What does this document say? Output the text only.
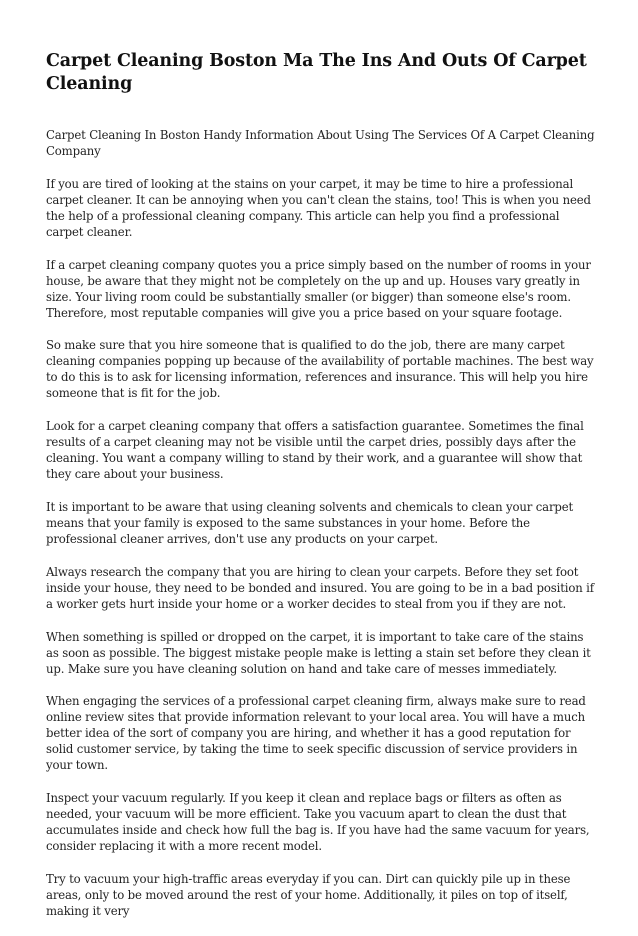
Carpet Cleaning Boston Ma The Ins And Outs Of Carpet Cleaning

Carpet Cleaning In Boston Handy Information About Using The Services Of A Carpet Cleaning Company

If you are tired of looking at the stains on your carpet, it may be time to hire a professional carpet cleaner. It can be annoying when you can't clean the stains, too! This is when you need the help of a professional cleaning company. This article can help you find a professional carpet cleaner.

If a carpet cleaning company quotes you a price simply based on the number of rooms in your house, be aware that they might not be completely on the up and up. Houses vary greatly in size. Your living room could be substantially smaller (or bigger) than someone else's room. Therefore, most reputable companies will give you a price based on your square footage.

So make sure that you hire someone that is qualified to do the job, there are many carpet cleaning companies popping up because of the availability of portable machines. The best way to do this is to ask for licensing information, references and insurance. This will help you hire someone that is fit for the job.

Look for a carpet cleaning company that offers a satisfaction guarantee. Sometimes the final results of a carpet cleaning may not be visible until the carpet dries, possibly days after the cleaning. You want a company willing to stand by their work, and a guarantee will show that they care about your business.

It is important to be aware that using cleaning solvents and chemicals to clean your carpet means that your family is exposed to the same substances in your home. Before the professional cleaner arrives, don't use any products on your carpet.

Always research the company that you are hiring to clean your carpets. Before they set foot inside your house, they need to be bonded and insured. You are going to be in a bad position if a worker gets hurt inside your home or a worker decides to steal from you if they are not.

When something is spilled or dropped on the carpet, it is important to take care of the stains as soon as possible. The biggest mistake people make is letting a stain set before they clean it up. Make sure you have cleaning solution on hand and take care of messes immediately.

When engaging the services of a professional carpet cleaning firm, always make sure to read online review sites that provide information relevant to your local area. You will have a much better idea of the sort of company you are hiring, and whether it has a good reputation for solid customer service, by taking the time to seek specific discussion of service providers in your town.

Inspect your vacuum regularly. If you keep it clean and replace bags or filters as often as needed, your vacuum will be more efficient. Take you vacuum apart to clean the dust that accumulates inside and check how full the bag is. If you have had the same vacuum for years, consider replacing it with a more recent model.

Try to vacuum your high-traffic areas everyday if you can. Dirt can quickly pile up in these areas, only to be moved around the rest of your home. Additionally, it piles on top of itself, making it very
